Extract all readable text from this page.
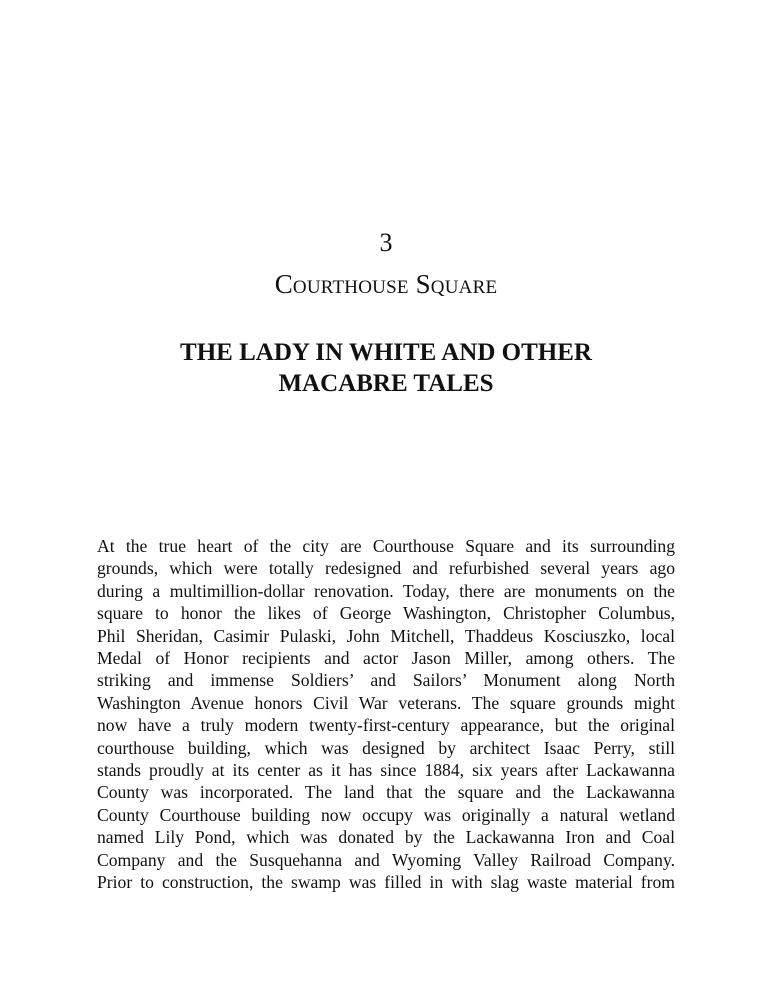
3
Courthouse Square
THE LADY IN WHITE AND OTHER
MACABRE TALES
At the true heart of the city are Courthouse Square and its surrounding
grounds, which were totally redesigned and refurbished several years ago
during a multimillion-dollar renovation. Today, there are monuments on the
square to honor the likes of George Washington, Christopher Columbus,
Phil Sheridan, Casimir Pulaski, John Mitchell, Thaddeus Kosciuszko, local
Medal of Honor recipients and actor Jason Miller, among others. The
striking and immense Soldiers’ and Sailors’ Monument along North
Washington Avenue honors Civil War veterans. The square grounds might
now have a truly modern twenty-first-century appearance, but the original
courthouse building, which was designed by architect Isaac Perry, still
stands proudly at its center as it has since 1884, six years after Lackawanna
County was incorporated. The land that the square and the Lackawanna
County Courthouse building now occupy was originally a natural wetland
named Lily Pond, which was donated by the Lackawanna Iron and Coal
Company and the Susquehanna and Wyoming Valley Railroad Company.
Prior to construction, the swamp was filled in with slag waste material from
